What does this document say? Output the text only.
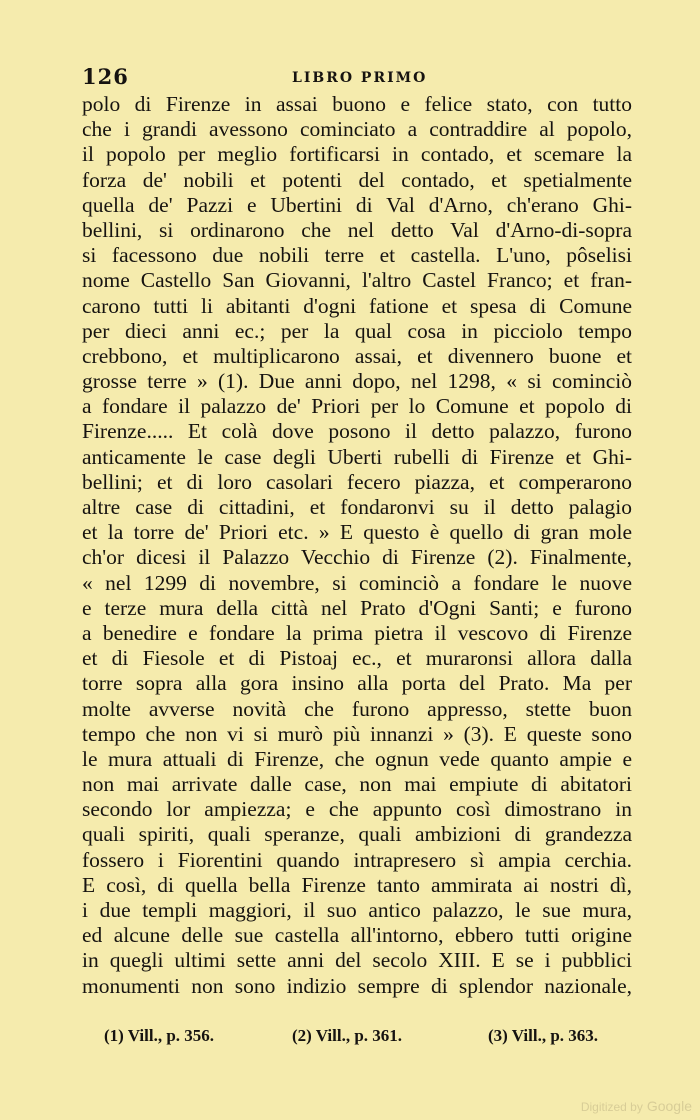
126	LIBRO PRIMO
polo di Firenze in assai buono e felice stato, con tutto
che i grandi avessono cominciato a contraddire al popolo,
il popolo per meglio fortificarsi in contado, et scemare la
forza de' nobili et potenti del contado, et spetialmente
quella de' Pazzi e Ubertini di Val d'Arno, ch'erano Ghi-
bellini, si ordinarono che nel detto Val d'Arno-di-sopra
si facessono due nobili terre et castella. L'uno, pôselisi
nome Castello San Giovanni, l'altro Castel Franco; et fran-
carono tutti li abitanti d'ogni fatione et spesa di Comune
per dieci anni ec.; per la qual cosa in picciolo tempo
crebbono, et multiplicarono assai, et divennero buone et
grosse terre » (1). Due anni dopo, nel 1298, « si cominciò
a fondare il palazzo de' Priori per lo Comune et popolo di
Firenze..... Et colà dove posono il detto palazzo, furono
anticamente le case degli Uberti rubelli di Firenze et Ghi-
bellini; et di loro casolari fecero piazza, et comperarono
altre case di cittadini, et fondaronvi su il detto palagio
et la torre de' Priori etc. » E questo è quello di gran mole
ch'or dicesi il Palazzo Vecchio di Firenze (2). Finalmente,
« nel 1299 di novembre, si cominciò a fondare le nuove
e terze mura della città nel Prato d'Ogni Santi; e furono
a benedire e fondare la prima pietra il vescovo di Firenze
et di Fiesole et di Pistoaj ec., et muraronsi allora dalla
torre sopra alla gora insino alla porta del Prato. Ma per
molte avverse novità che furono appresso, stette buon
tempo che non vi si murò più innanzi » (3). E queste sono
le mura attuali di Firenze, che ognun vede quanto ampie e
non mai arrivate dalle case, non mai empiute di abitatori
secondo lor ampiezza; e che appunto così dimostrano in
quali spiriti, quali speranze, quali ambizioni di grandezza
fossero i Fiorentini quando intrapresero sì ampia cerchia.
E così, di quella bella Firenze tanto ammirata ai nostri dì,
i due templi maggiori, il suo antico palazzo, le sue mura,
ed alcune delle sue castella all'intorno, ebbero tutti origine
in quegli ultimi sette anni del secolo XIII. E se i pubblici
monumenti non sono indizio sempre di splendor nazionale,
(1) Vill., p. 356.	(2) Vill., p. 361.	(3) Vill., p. 363.
Digitized by Google
